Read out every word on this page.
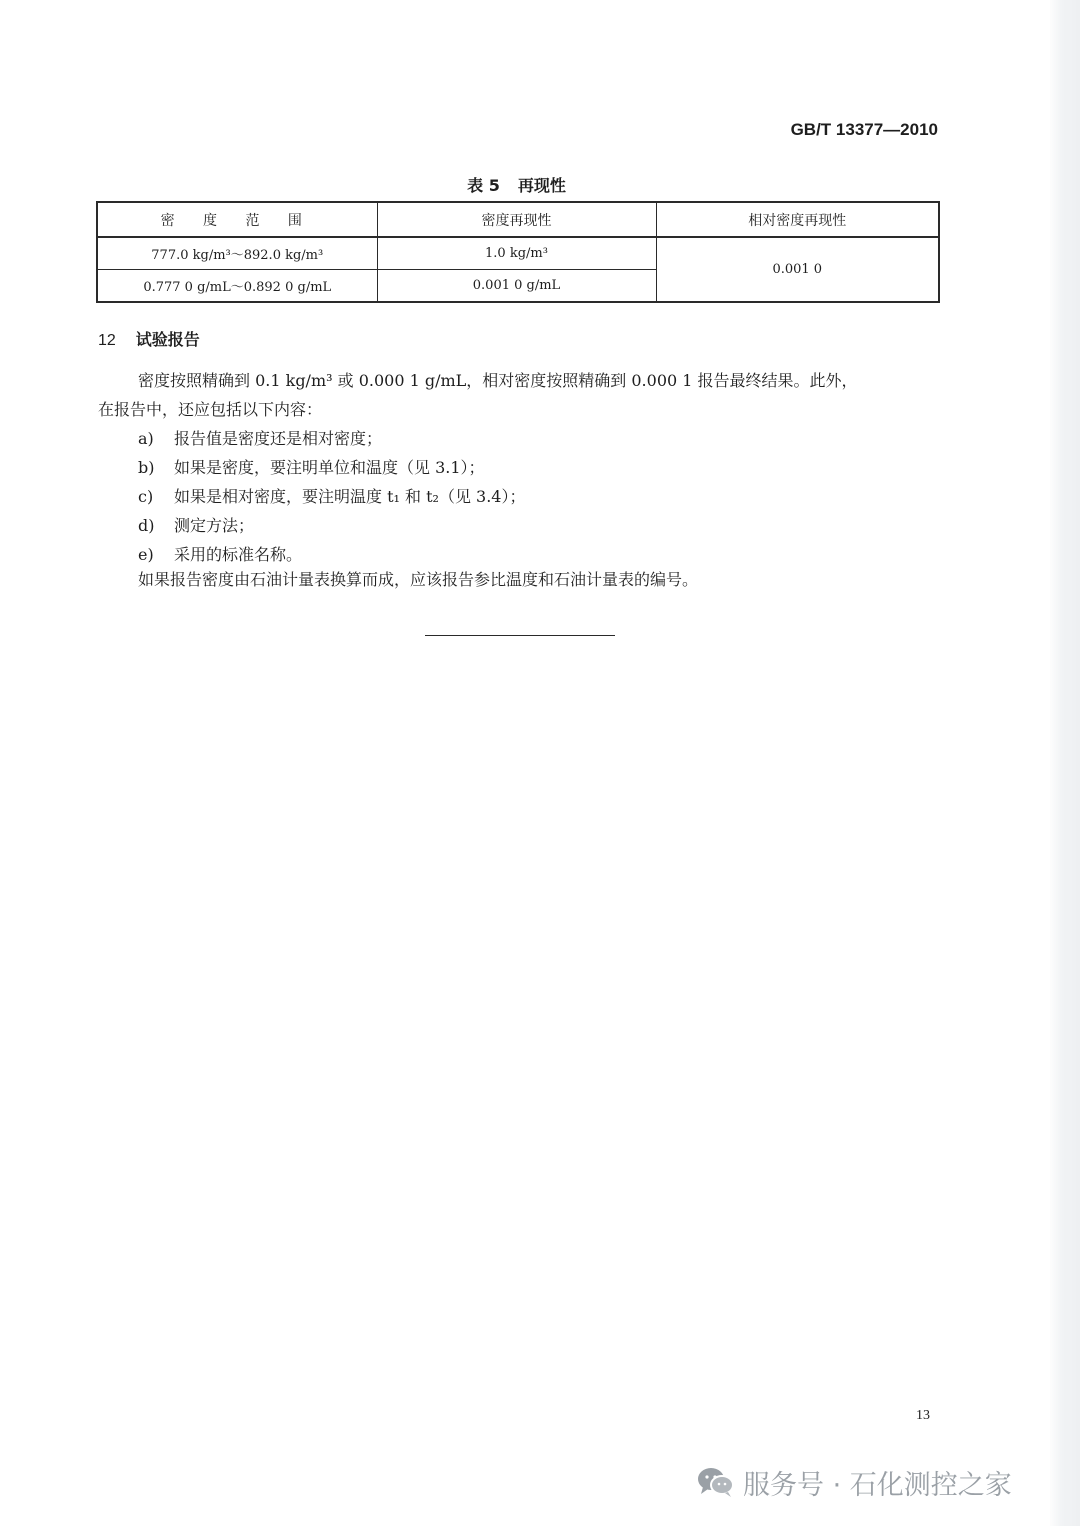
GB/T 13377—2010
表 5 再现性
密 度 范 围	密度再现性	相对密度再现性
777.0 kg/m³～892.0 kg/m³	1.0 kg/m³	0.001 0
0.777 0 g/mL～0.892 0 g/mL	0.001 0 g/mL	
12 试验报告
密度按照精确到 0.1 kg/m³ 或 0.000 1 g/mL，相对密度按照精确到 0.000 1 报告最终结果。此外，
在报告中，还应包括以下内容：
a) 报告值是密度还是相对密度；
b) 如果是密度，要注明单位和温度（见 3.1）；
c) 如果是相对密度，要注明温度 t₁ 和 t₂（见 3.4）；
d) 测定方法；
e) 采用的标准名称。
如果报告密度由石油计量表换算而成，应该报告参比温度和石油计量表的编号。
13
服务号 · 石化测控之家
